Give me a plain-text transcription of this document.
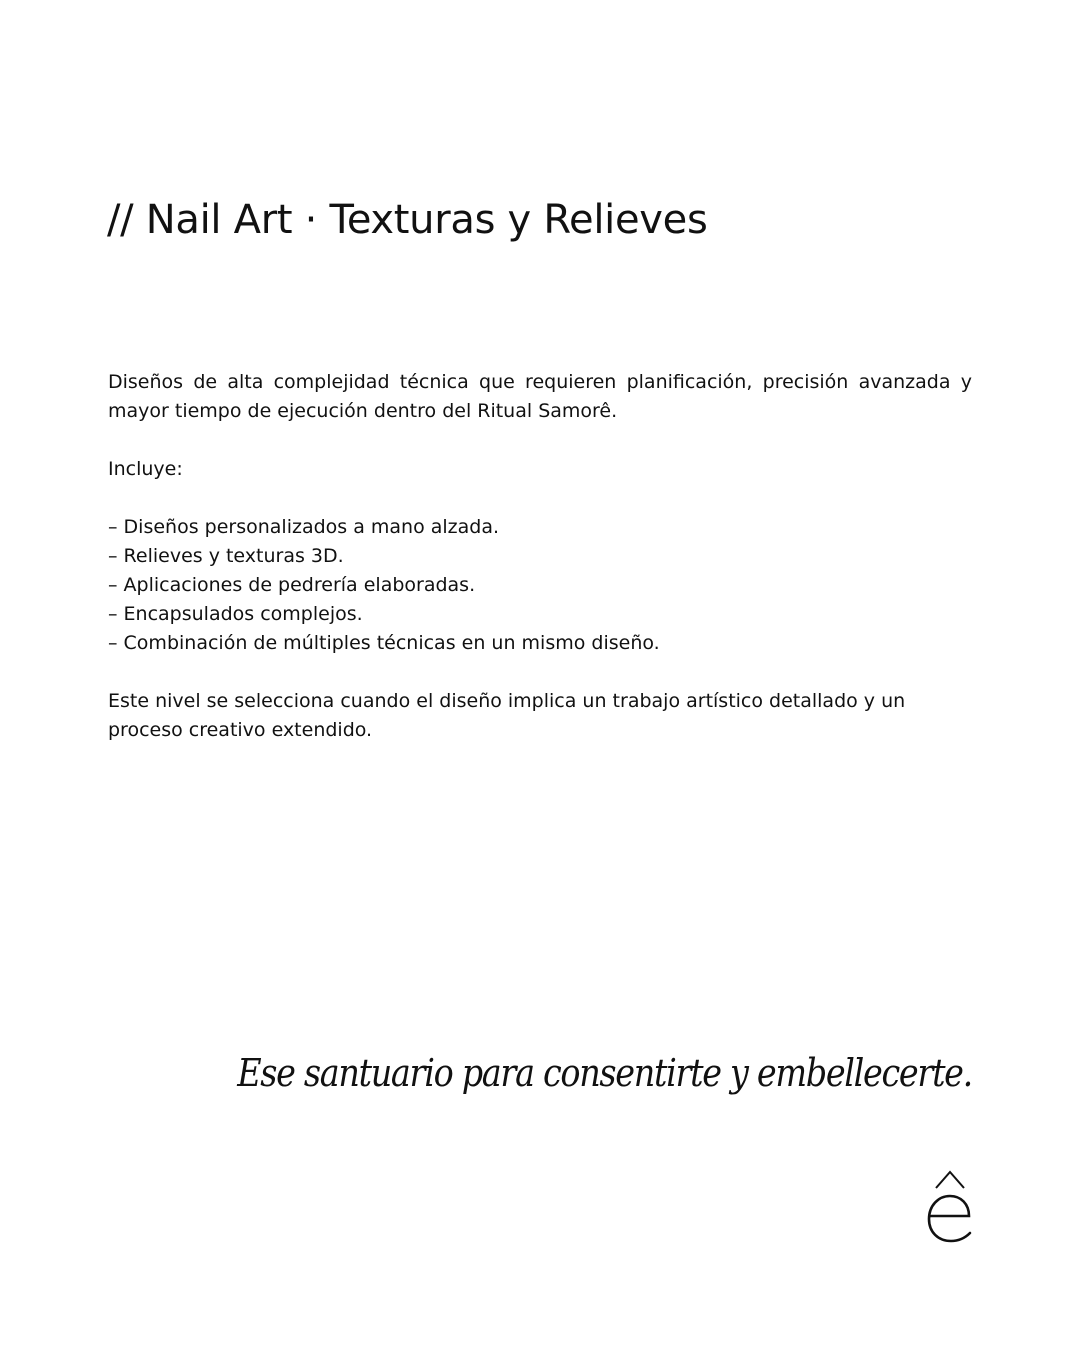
// Nail Art · Texturas y Relieves

Diseños de alta complejidad técnica que requieren planificación, precisión avanzada y mayor tiempo de ejecución dentro del Ritual Samorê.

Incluye:

– Diseños personalizados a mano alzada.
– Relieves y texturas 3D.
– Aplicaciones de pedrería elaboradas.
– Encapsulados complejos.
– Combinación de múltiples técnicas en un mismo diseño.

Este nivel se selecciona cuando el diseño implica un trabajo artístico detallado y un proceso creativo extendido.

Ese santuario para consentirte y embellecerte.
